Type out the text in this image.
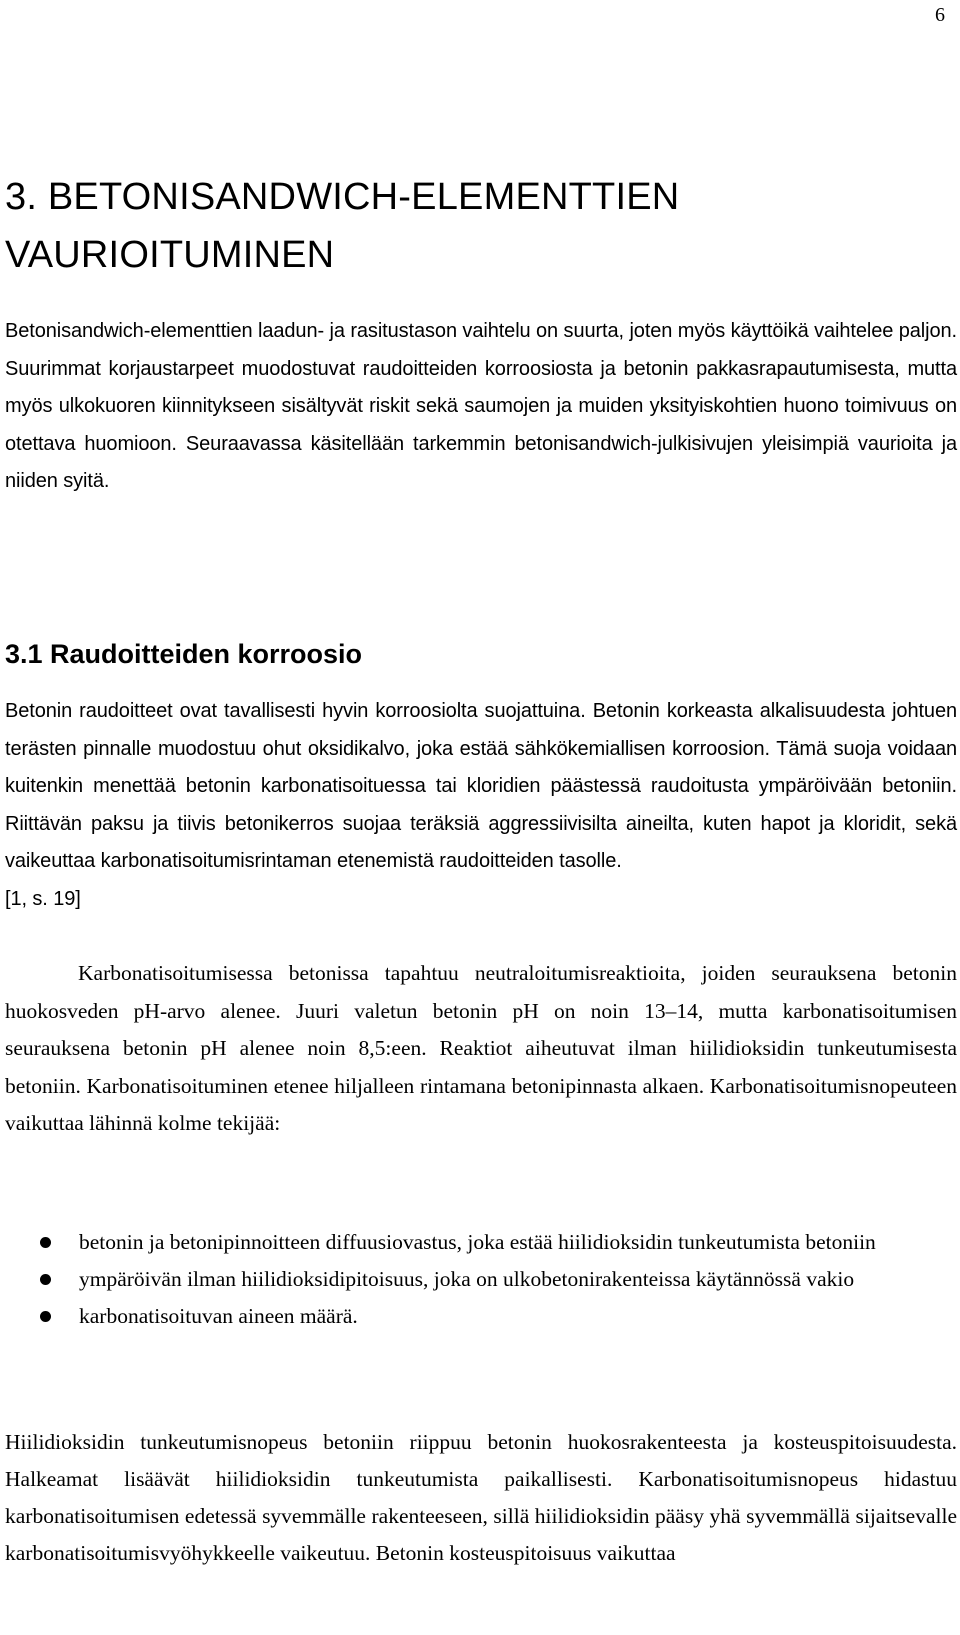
6
3. BETONISANDWICH-ELEMENTTIEN VAURIOITUMINEN

Betonisandwich-elementtien laadun- ja rasitustason vaihtelu on suurta, joten myös käyttöikä vaihtelee paljon. Suurimmat korjaustarpeet muodostuvat raudoitteiden korroosiosta ja betonin pakkasrapautumisesta, mutta myös ulkokuoren kiinnitykseen sisältyvät riskit sekä saumojen ja muiden yksityiskohtien huono toimivuus on otettava huomioon. Seuraavassa käsitellään tarkemmin betonisandwich-julkisivujen yleisimpiä vaurioita ja niiden syitä.

3.1 Raudoitteiden korroosio

Betonin raudoitteet ovat tavallisesti hyvin korroosiolta suojattuina. Betonin korkeasta alkalisuudesta johtuen terästen pinnalle muodostuu ohut oksidikalvo, joka estää sähkökemiallisen korroosion. Tämä suoja voidaan kuitenkin menettää betonin karbonatisoituessa tai kloridien päästessä raudoitusta ympäröivään betoniin. Riittävän paksu ja tiivis betonikerros suojaa teräksiä aggressiivisilta aineilta, kuten hapot ja kloridit, sekä vaikeuttaa karbonatisoitumisrintaman etenemistä raudoitteiden tasolle.
[1, s. 19]

Karbonatisoitumisessa betonissa tapahtuu neutraloitumisreaktioita, joiden seurauksena betonin huokosveden pH-arvo alenee. Juuri valetun betonin pH on noin 13–14, mutta karbonatisoitumisen seurauksena betonin pH alenee noin 8,5:een. Reaktiot aiheutuvat ilman hiilidioksidin tunkeutumisesta betoniin. Karbonatisoituminen etenee hiljalleen rintamana betonipinnasta alkaen. Karbonatisoitumisnopeuteen vaikuttaa lähinnä kolme tekijää:

betonin ja betonipinnoitteen diffuusiovastus, joka estää hiilidioksidin tunkeutumista betoniin
ympäröivän ilman hiilidioksidipitoisuus, joka on ulkobetonirakenteissa käytännössä vakio
karbonatisoituvan aineen määrä.

Hiilidioksidin tunkeutumisnopeus betoniin riippuu betonin huokosrakenteesta ja kosteuspitoisuudesta. Halkeamat lisäävät hiilidioksidin tunkeutumista paikallisesti. Karbonatisoitumisnopeus hidastuu karbonatisoitumisen edetessä syvemmälle rakenteeseen, sillä hiilidioksidin pääsy yhä syvemmällä sijaitsevalle karbonatisoitumisvyöhykkeelle vaikeutuu. Betonin kosteuspitoisuus vaikuttaa
